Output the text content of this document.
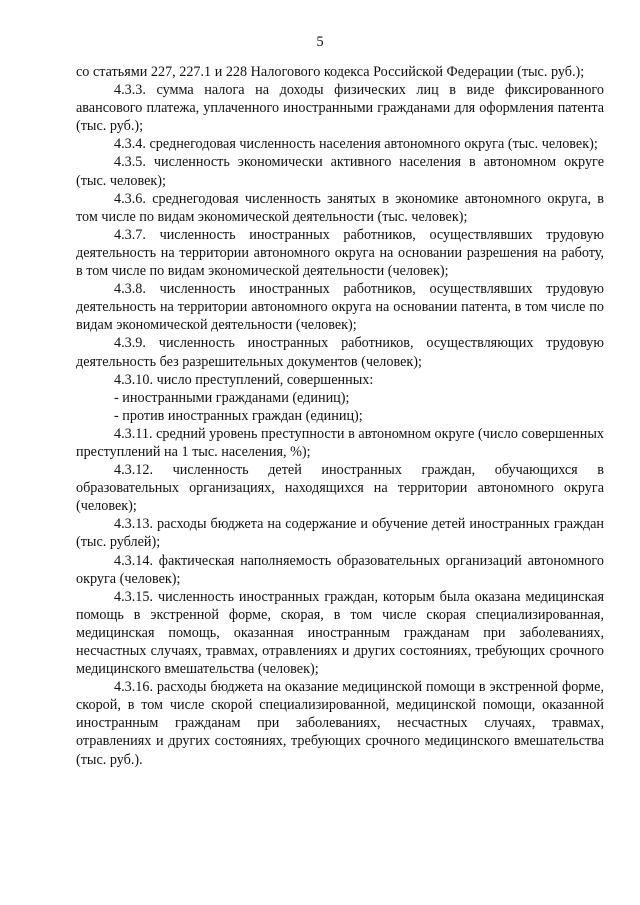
5

со статьями 227, 227.1 и 228 Налогового кодекса Российской Федерации (тыс. руб.);

4.3.3. сумма налога на доходы физических лиц в виде фиксированного авансового платежа, уплаченного иностранными гражданами для оформления патента (тыс. руб.);

4.3.4. среднегодовая численность населения автономного округа (тыс. человек);

4.3.5. численность экономически активного населения в автономном округе (тыс. человек);

4.3.6. среднегодовая численность занятых в экономике автономного округа, в том числе по видам экономической деятельности (тыс. человек);

4.3.7. численность иностранных работников, осуществлявших трудовую деятельность на территории автономного округа на основании разрешения на работу, в том числе по видам экономической деятельности (человек);

4.3.8. численность иностранных работников, осуществлявших трудовую деятельность на территории автономного округа на основании патента, в том числе по видам экономической деятельности (человек);

4.3.9. численность иностранных работников, осуществляющих трудовую деятельность без разрешительных документов (человек);

4.3.10. число преступлений, совершенных:

- иностранными гражданами (единиц);

- против иностранных граждан (единиц);

4.3.11. средний уровень преступности в автономном округе (число совершенных преступлений на 1 тыс. населения, %);

4.3.12. численность детей иностранных граждан, обучающихся в образовательных организациях, находящихся на территории автономного округа (человек);

4.3.13. расходы бюджета на содержание и обучение детей иностранных граждан (тыс. рублей);

4.3.14. фактическая наполняемость образовательных организаций автономного округа (человек);

4.3.15. численность иностранных граждан, которым была оказана медицинская помощь в экстренной форме, скорая, в том числе скорая специализированная, медицинская помощь, оказанная иностранным гражданам при заболеваниях, несчастных случаях, травмах, отравлениях и других состояниях, требующих срочного медицинского вмешательства (человек);

4.3.16. расходы бюджета на оказание медицинской помощи в экстренной форме, скорой, в том числе скорой специализированной, медицинской помощи, оказанной иностранным гражданам при заболеваниях, несчастных случаях, травмах, отравлениях и других состояниях, требующих срочного медицинского вмешательства (тыс. руб.).
